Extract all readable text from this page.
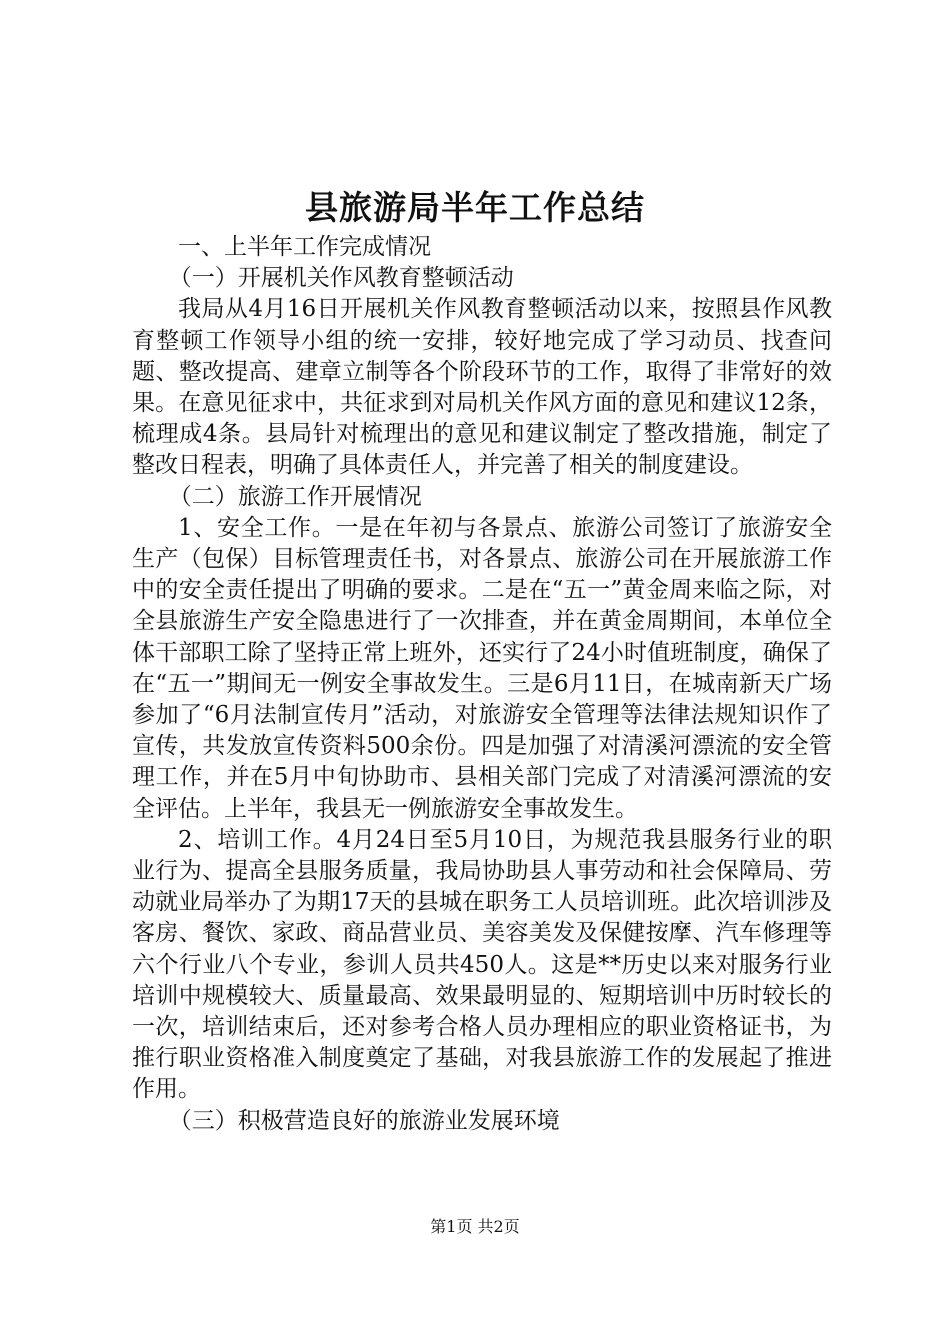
县旅游局半年工作总结

一、上半年工作完成情况

（一）开展机关作风教育整顿活动

我局从4月16日开展机关作风教育整顿活动以来，按照县作风教育整顿工作领导小组的统一安排，较好地完成了学习动员、找查问题、整改提高、建章立制等各个阶段环节的工作，取得了非常好的效果。在意见征求中，共征求到对局机关作风方面的意见和建议12条，梳理成4条。县局针对梳理出的意见和建议制定了整改措施，制定了整改日程表，明确了具体责任人，并完善了相关的制度建设。

（二）旅游工作开展情况

1、安全工作。一是在年初与各景点、旅游公司签订了旅游安全生产（包保）目标管理责任书，对各景点、旅游公司在开展旅游工作中的安全责任提出了明确的要求。二是在“五一”黄金周来临之际，对全县旅游生产安全隐患进行了一次排查，并在黄金周期间，本单位全体干部职工除了坚持正常上班外，还实行了24小时值班制度，确保了在“五一”期间无一例安全事故发生。三是6月11日，在城南新天广场参加了“6月法制宣传月”活动，对旅游安全管理等法律法规知识作了宣传，共发放宣传资料500余份。四是加强了对清溪河漂流的安全管理工作，并在5月中旬协助市、县相关部门完成了对清溪河漂流的安全评估。上半年，我县无一例旅游安全事故发生。

2、培训工作。4月24日至5月10日，为规范我县服务行业的职业行为、提高全县服务质量，我局协助县人事劳动和社会保障局、劳动就业局举办了为期17天的县城在职务工人员培训班。此次培训涉及客房、餐饮、家政、商品营业员、美容美发及保健按摩、汽车修理等六个行业八个专业，参训人员共450人。这是**历史以来对服务行业培训中规模较大、质量最高、效果最明显的、短期培训中历时较长的一次，培训结束后，还对参考合格人员办理相应的职业资格证书，为推行职业资格准入制度奠定了基础，对我县旅游工作的发展起了推进作用。

（三）积极营造良好的旅游业发展环境

第1页 共2页
